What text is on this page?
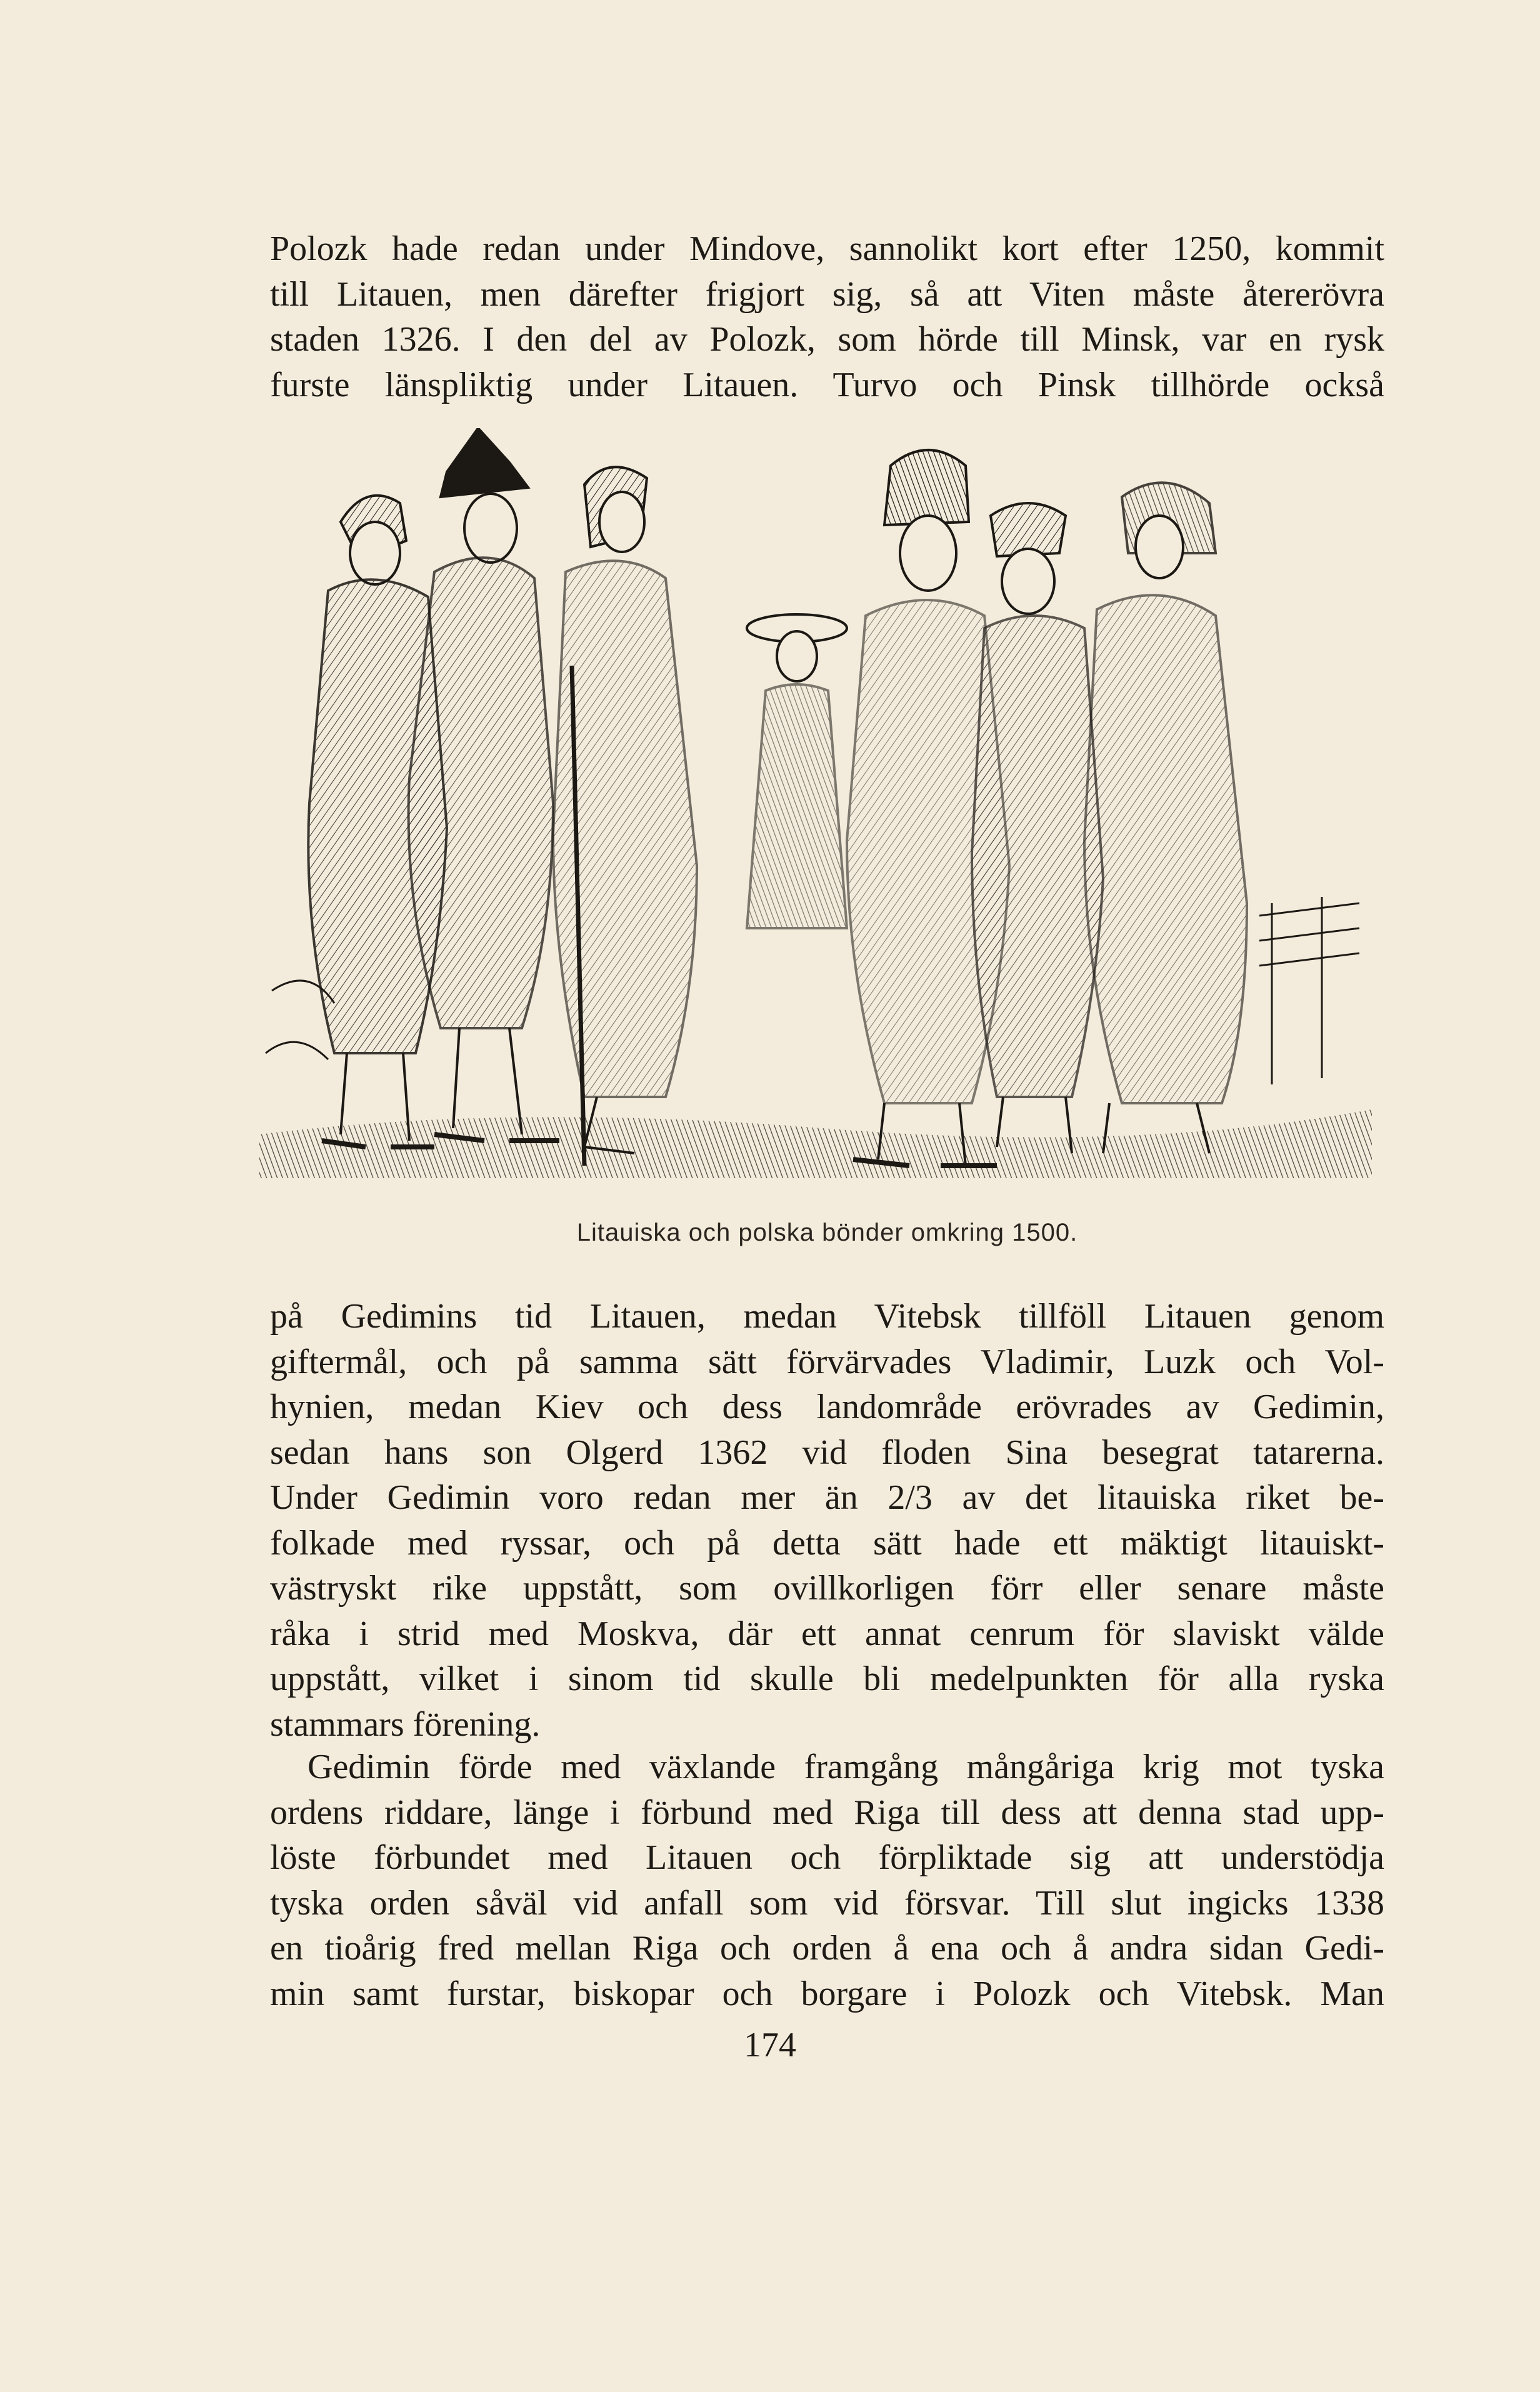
Polozk hade redan under Mindove, sannolikt kort efter 1250, kommit
till Litauen, men därefter frigjort sig, så att Viten måste återerövra
staden 1326. I den del av Polozk, som hörde till Minsk, var en rysk
furste länspliktig under Litauen. Turvo och Pinsk tillhörde också

Litauiska och polska bönder omkring 1500.

på Gedimins tid Litauen, medan Vitebsk tillföll Litauen genom
giftermål, och på samma sätt förvärvades Vladimir, Luzk och Vol-
hynien, medan Kiev och dess landområde erövrades av Gedimin,
sedan hans son Olgerd 1362 vid floden Sina besegrat tatarerna.
Under Gedimin voro redan mer än 2/3 av det litauiska riket be-
folkade med ryssar, och på detta sätt hade ett mäktigt litauiskt-
västryskt rike uppstått, som ovillkorligen förr eller senare måste
råka i strid med Moskva, där ett annat cenrum för slaviskt välde
uppstått, vilket i sinom tid skulle bli medelpunkten för alla ryska
stammars förening.

Gedimin förde med växlande framgång mångåriga krig mot tyska
ordens riddare, länge i förbund med Riga till dess att denna stad upp-
löste förbundet med Litauen och förpliktade sig att understödja
tyska orden såväl vid anfall som vid försvar. Till slut ingicks 1338
en tioårig fred mellan Riga och orden å ena och å andra sidan Gedi-
min samt furstar, biskopar och borgare i Polozk och Vitebsk. Man

174
